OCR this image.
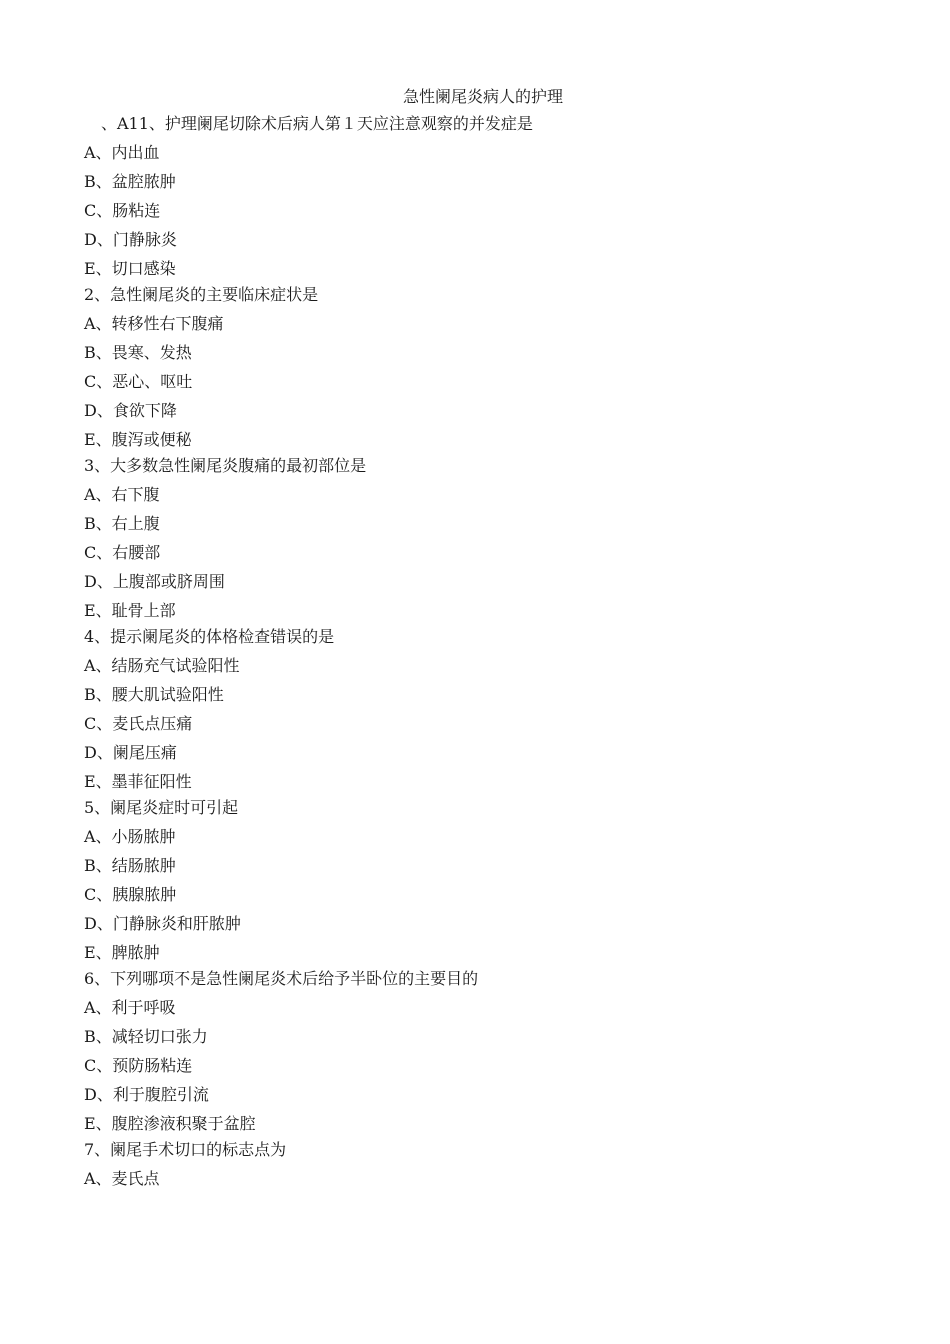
急性阑尾炎病人的护理
、A11、护理阑尾切除术后病人第１天应注意观察的并发症是
A、内出血
B、盆腔脓肿
C、肠粘连
D、门静脉炎
E、切口感染
2、急性阑尾炎的主要临床症状是
A、转移性右下腹痛
B、畏寒、发热
C、恶心、呕吐
D、食欲下降
E、腹泻或便秘
3、大多数急性阑尾炎腹痛的最初部位是
A、右下腹
B、右上腹
C、右腰部
D、上腹部或脐周围
E、耻骨上部
4、提示阑尾炎的体格检查错误的是
A、结肠充气试验阳性
B、腰大肌试验阳性
C、麦氏点压痛
D、阑尾压痛
E、墨菲征阳性
5、阑尾炎症时可引起
A、小肠脓肿
B、结肠脓肿
C、胰腺脓肿
D、门静脉炎和肝脓肿
E、脾脓肿
6、下列哪项不是急性阑尾炎术后给予半卧位的主要目的
A、利于呼吸
B、减轻切口张力
C、预防肠粘连
D、利于腹腔引流
E、腹腔渗液积聚于盆腔
7、阑尾手术切口的标志点为
A、麦氏点
